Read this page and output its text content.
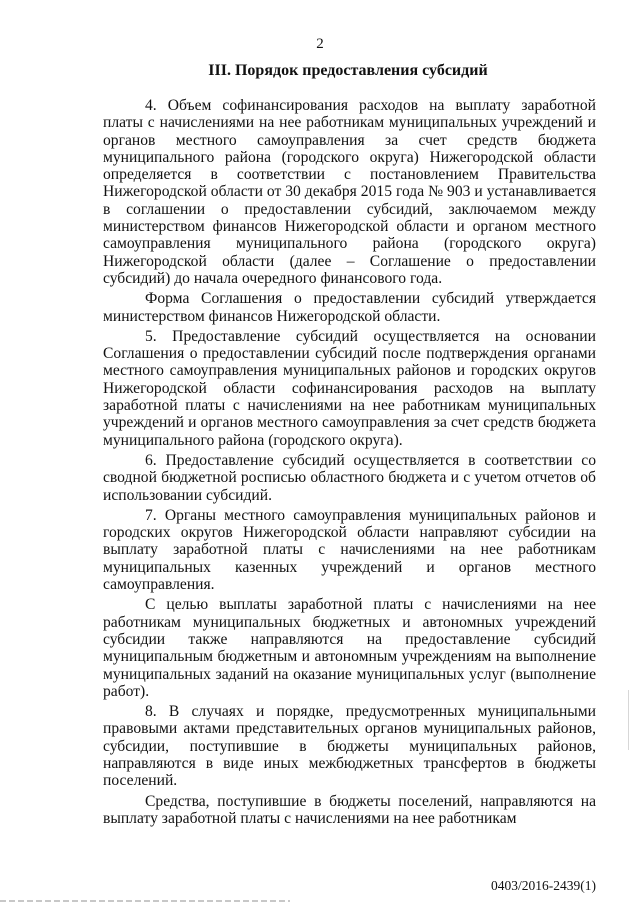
2
III. Порядок предоставления субсидий

4. Объем софинансирования расходов на выплату заработной платы с начислениями на нее работникам муниципальных учреждений и органов местного самоуправления за счет средств бюджета муниципального района (городского округа) Нижегородской области определяется в соответствии с постановлением Правительства Нижегородской области от 30 декабря 2015 года № 903 и устанавливается в соглашении о предоставлении субсидий, заключаемом между министерством финансов Нижегородской области и органом местного самоуправления муниципального района (городского округа) Нижегородской области (далее – Соглашение о предоставлении субсидий) до начала очередного финансового года.

Форма Соглашения о предоставлении субсидий утверждается министерством финансов Нижегородской области.

5. Предоставление субсидий осуществляется на основании Соглашения о предоставлении субсидий после подтверждения органами местного самоуправления муниципальных районов и городских округов Нижегородской области софинансирования расходов на выплату заработной платы с начислениями на нее работникам муниципальных учреждений и органов местного самоуправления за счет средств бюджета муниципального района (городского округа).

6. Предоставление субсидий осуществляется в соответствии со сводной бюджетной росписью областного бюджета и с учетом отчетов об использовании субсидий.

7. Органы местного самоуправления муниципальных районов и городских округов Нижегородской области направляют субсидии на выплату заработной платы с начислениями на нее работникам муниципальных казенных учреждений и органов местного самоуправления.

С целью выплаты заработной платы с начислениями на нее работникам муниципальных бюджетных и автономных учреждений субсидии также направляются на предоставление субсидий муниципальным бюджетным и автономным учреждениям на выполнение муниципальных заданий на оказание муниципальных услуг (выполнение работ).

8. В случаях и порядке, предусмотренных муниципальными правовыми актами представительных органов муниципальных районов, субсидии, поступившие в бюджеты муниципальных районов, направляются в виде иных межбюджетных трансфертов в бюджеты поселений.

Средства, поступившие в бюджеты поселений, направляются на выплату заработной платы с начислениями на нее работникам

0403/2016-2439(1)
